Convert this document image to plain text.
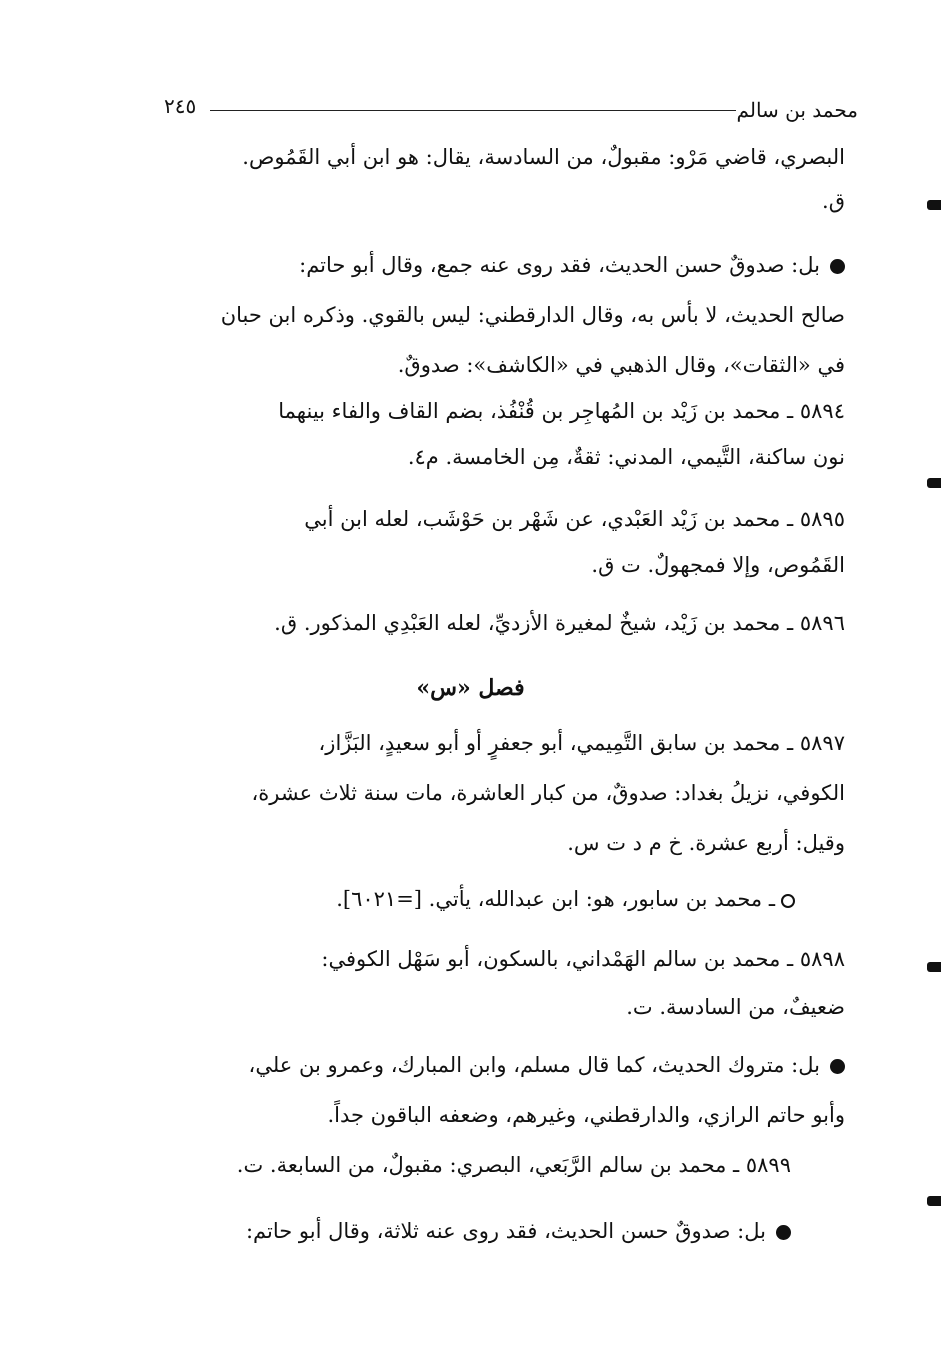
محمد بن سالم
٢٤٥
البصري، قاضي مَرْو: مقبولٌ، من السادسة، يقال: هو ابن أبي القَمُوص.
ق.
بل: صدوقٌ حسن الحديث، فقد روى عنه جمع، وقال أبو حاتم:
صالح الحديث، لا بأس به، وقال الدارقطني: ليس بالقوي. وذكره ابن حبان
في «الثقات»، وقال الذهبي في «الكاشف»: صدوقٌ.
٥٨٩٤ ـ محمد بن زَيْد بن المُهاجِر بن قُنْفُذ، بضم القاف والفاء بينهما
نون ساكنة، التَّيمي، المدني: ثقةٌ، مِن الخامسة. م٤.
٥٨٩٥ ـ محمد بن زَيْد العَبْدي، عن شَهْر بن حَوْشَب، لعله ابن أبي
القَمُوص، وإلا فمجهولٌ. ت ق.
٥٨٩٦ ـ محمد بن زَيْد، شيخٌ لمغيرة الأزديِّ، لعله العَبْدِي المذكور. ق.
فصل «س»
٥٨٩٧ ـ محمد بن سابق التَّمِيمي، أبو جعفرٍ أو أبو سعيدٍ، البَزَّاز،
الكوفي، نزيلُ بغداد: صدوقٌ، من كبار العاشرة، مات سنة ثلاث عشرة،
وقيل: أربع عشرة. خ م د ت س.
ـ محمد بن سابور، هو: ابن عبدالله، يأتي. [=٦٠٢١].
٥٨٩٨ ـ محمد بن سالم الهَمْداني، بالسكون، أبو سَهْل الكوفي:
ضعيفٌ، من السادسة. ت.
بل: متروك الحديث، كما قال مسلم، وابن المبارك، وعمرو بن علي،
وأبو حاتم الرازي، والدارقطني، وغيرهم، وضعفه الباقون جداً.
٥٨٩٩ ـ محمد بن سالم الرَّبَعي، البصري: مقبولٌ، من السابعة. ت.
بل: صدوقٌ حسن الحديث، فقد روى عنه ثلاثة، وقال أبو حاتم:
